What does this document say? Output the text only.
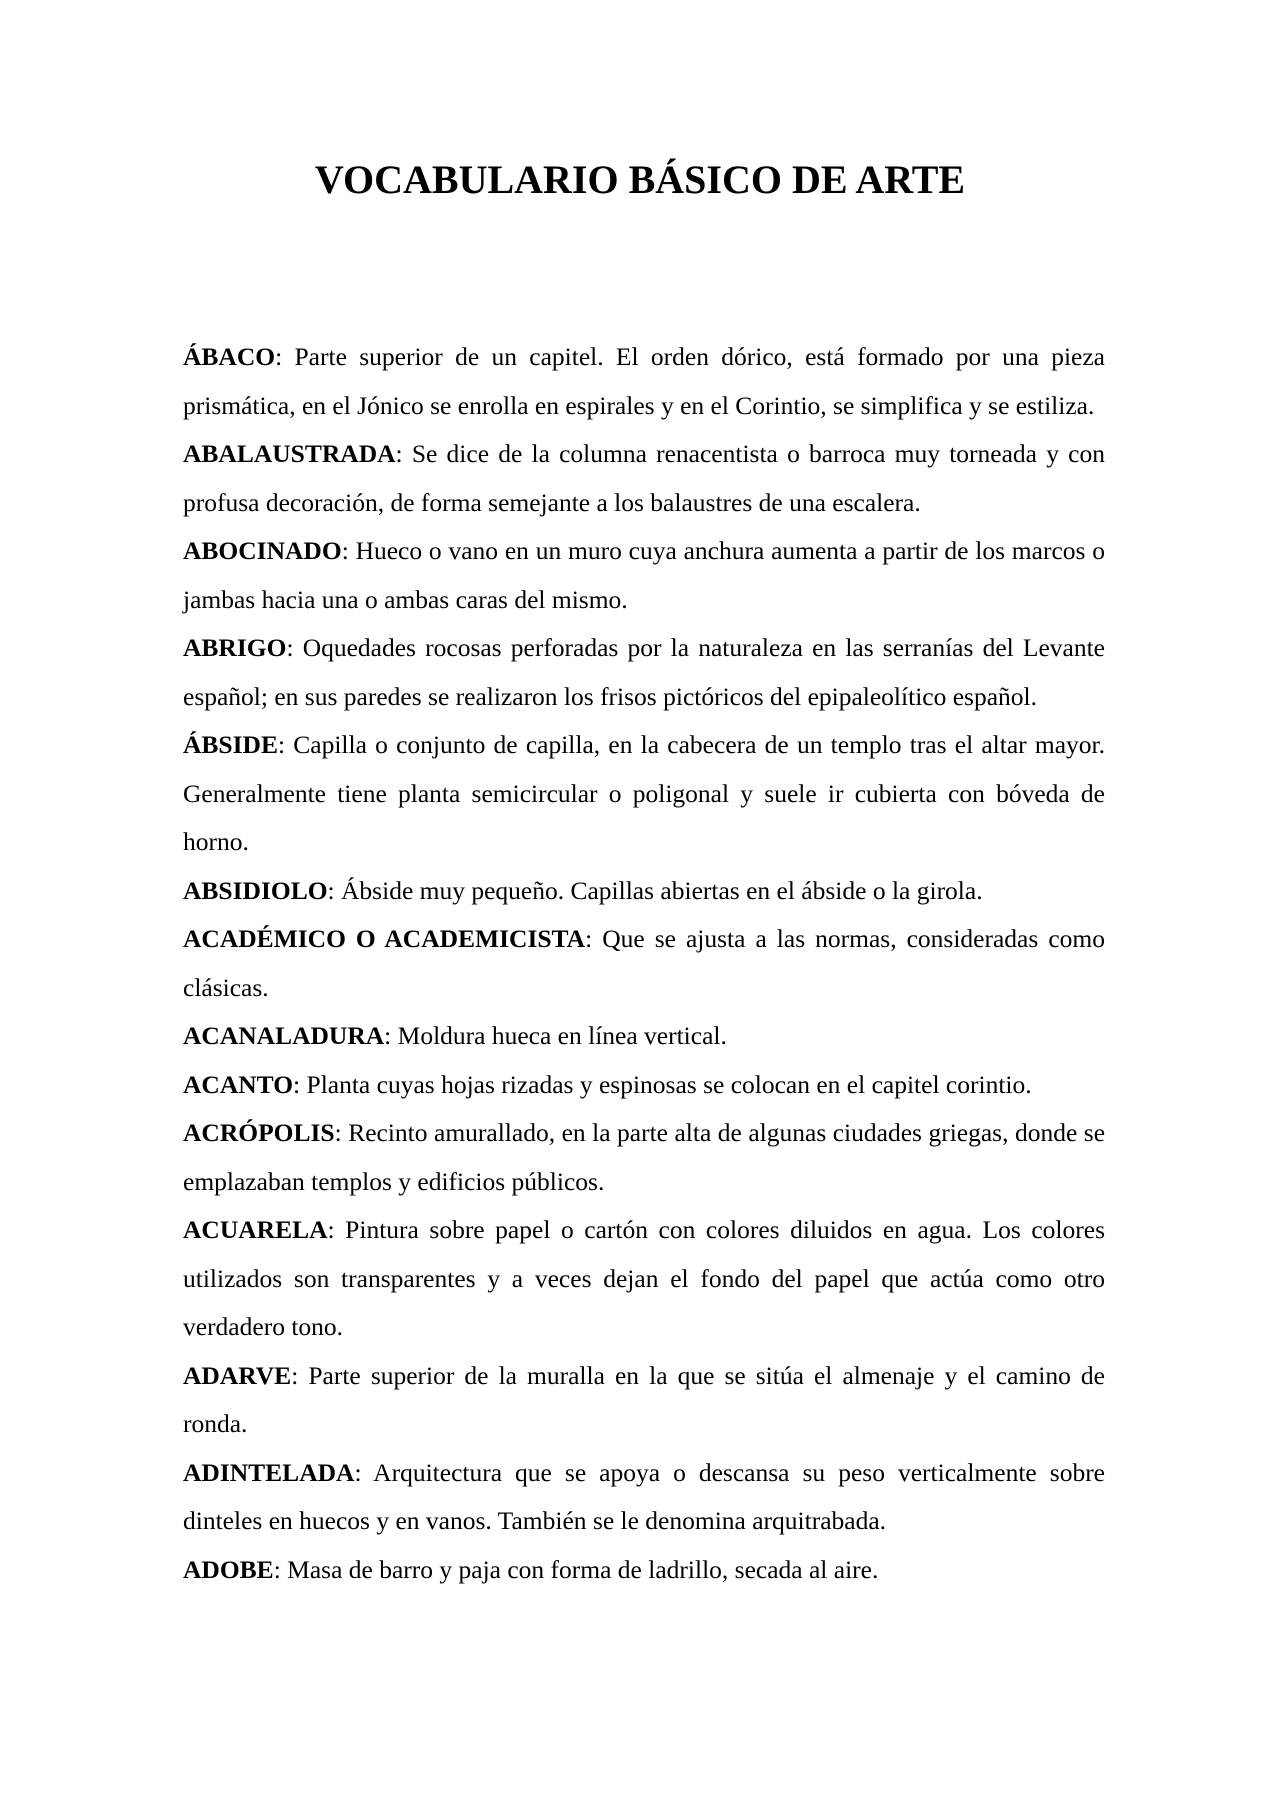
VOCABULARIO BÁSICO DE ARTE

ÁBACO: Parte superior de un capitel. El orden dórico, está formado por una pieza prismática, en el Jónico se enrolla en espirales y en el Corintio, se simplifica y se estiliza.

ABALAUSTRADA: Se dice de la columna renacentista o barroca muy torneada y con profusa decoración, de forma semejante a los balaustres de una escalera.

ABOCINADO: Hueco o vano en un muro cuya anchura aumenta a partir de los marcos o jambas hacia una o ambas caras del mismo.

ABRIGO: Oquedades rocosas perforadas por la naturaleza en las serranías del Levante español; en sus paredes se realizaron los frisos pictóricos del epipaleolítico español.

ÁBSIDE: Capilla o conjunto de capilla, en la cabecera de un templo tras el altar mayor. Generalmente tiene planta semicircular o poligonal y suele ir cubierta con bóveda de horno.

ABSIDIOLO: Ábside muy pequeño. Capillas abiertas en el ábside o la girola.

ACADÉMICO O ACADEMICISTA: Que se ajusta a las normas, consideradas como clásicas.

ACANALADURA: Moldura hueca en línea vertical.

ACANTO: Planta cuyas hojas rizadas y espinosas se colocan en el capitel corintio.

ACRÓPOLIS: Recinto amurallado, en la parte alta de algunas ciudades griegas, donde se emplazaban templos y edificios públicos.

ACUARELA: Pintura sobre papel o cartón con colores diluidos en agua. Los colores utilizados son transparentes y a veces dejan el fondo del papel que actúa como otro verdadero tono.

ADARVE: Parte superior de la muralla en la que se sitúa el almenaje y el camino de ronda.

ADINTELADA: Arquitectura que se apoya o descansa su peso verticalmente sobre dinteles en huecos y en vanos. También se le denomina arquitrabada.

ADOBE: Masa de barro y paja con forma de ladrillo, secada al aire.
